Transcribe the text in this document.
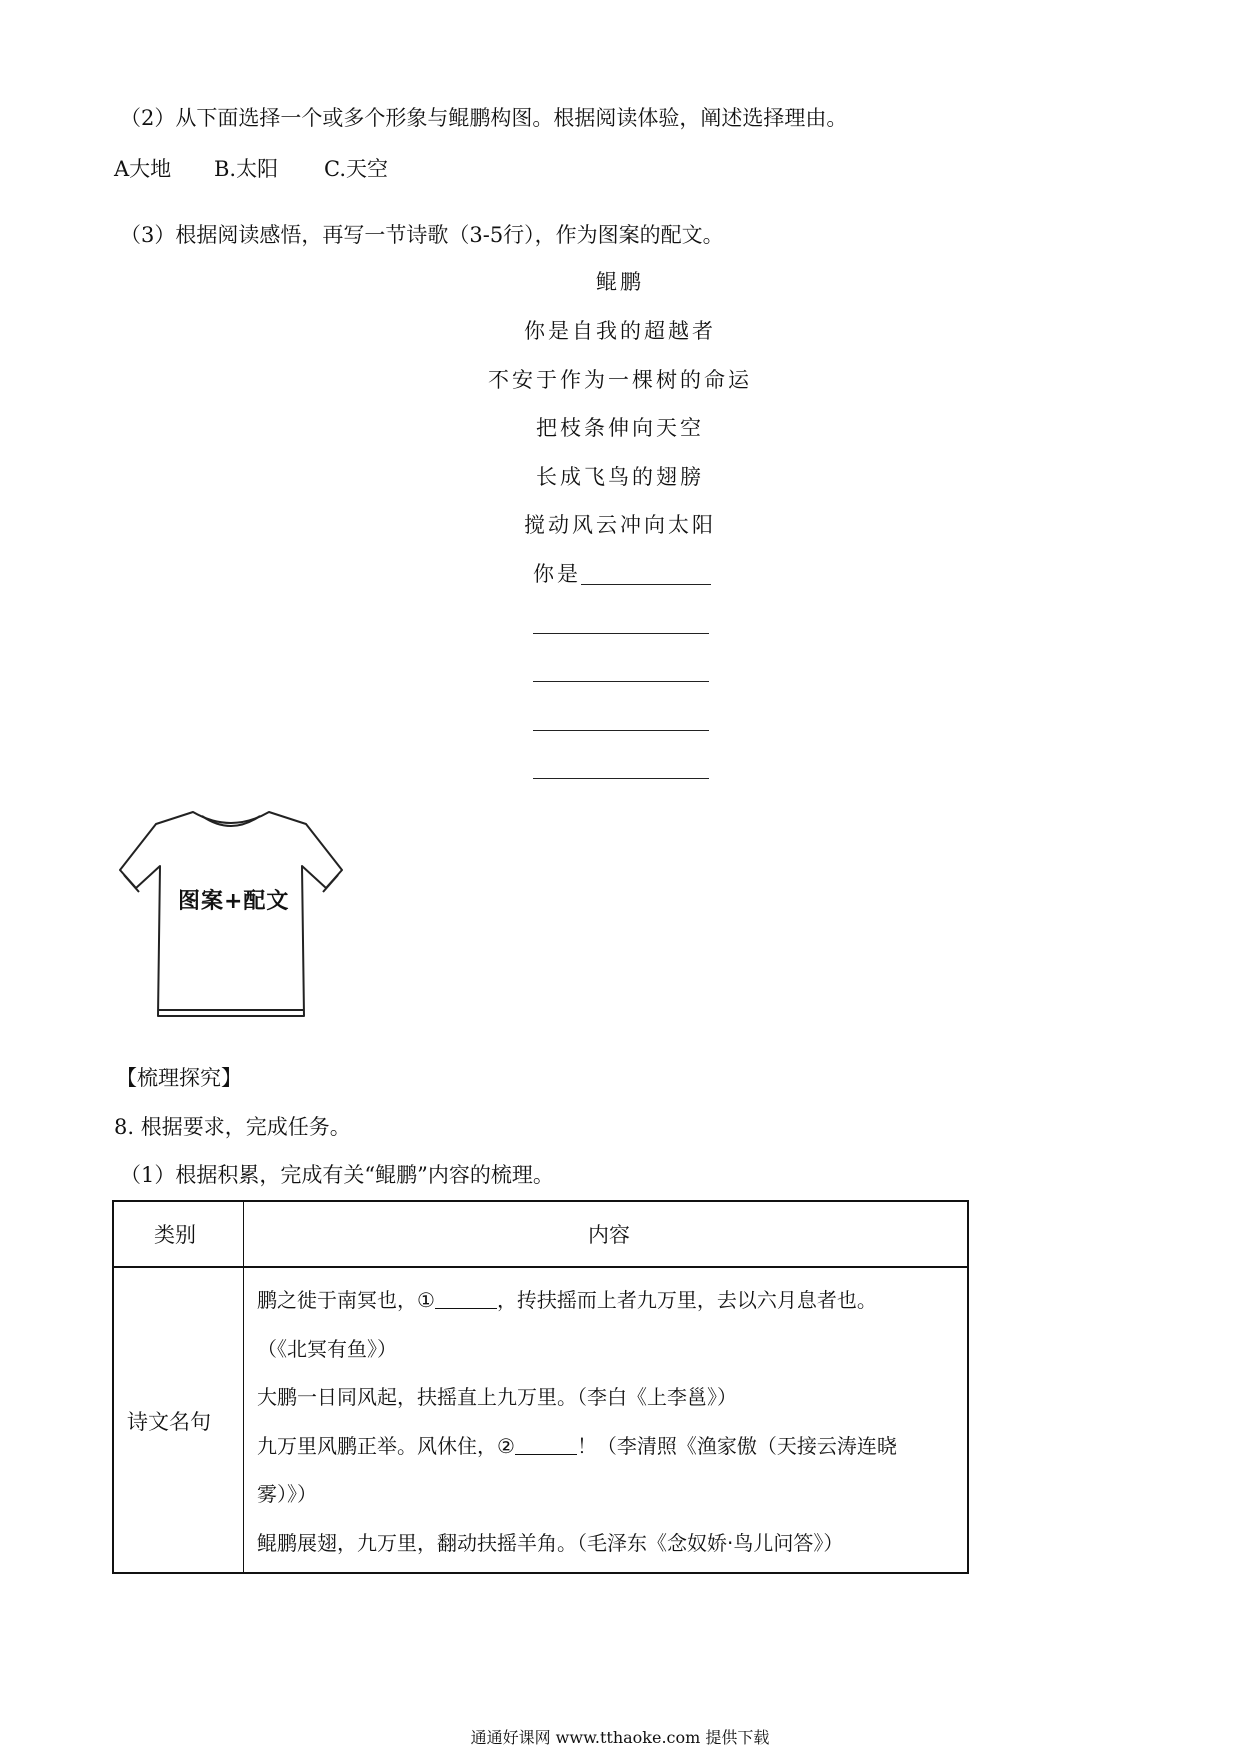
（2）从下面选择一个或多个形象与鲲鹏构图。根据阅读体验，阐述选择理由。
A大地 B.太阳 C.天空
（3）根据阅读感悟，再写一节诗歌（3-5行），作为图案的配文。
鲲鹏
你是自我的超越者
不安于作为一棵树的命运
把枝条伸向天空
长成飞鸟的翅膀
搅动风云冲向太阳
你是
图案+配文
【梳理探究】
8. 根据要求，完成任务。
（1）根据积累，完成有关“鲲鹏”内容的梳理。
类别	内容
诗文名句
鹏之徙于南冥也，①	，抟扶摇而上者九万里，去以六月息者也。
（《北冥有鱼》）
大鹏一日同风起，扶摇直上九万里。（李白《上李邕》）
九万里风鹏正举。风休住，②	！（李清照《渔家傲（天接云涛连晓
雾）》）
鲲鹏展翅，九万里，翻动扶摇羊角。（毛泽东《念奴娇·鸟儿问答》）
通通好课网 www.tthaoke.com 提供下载
